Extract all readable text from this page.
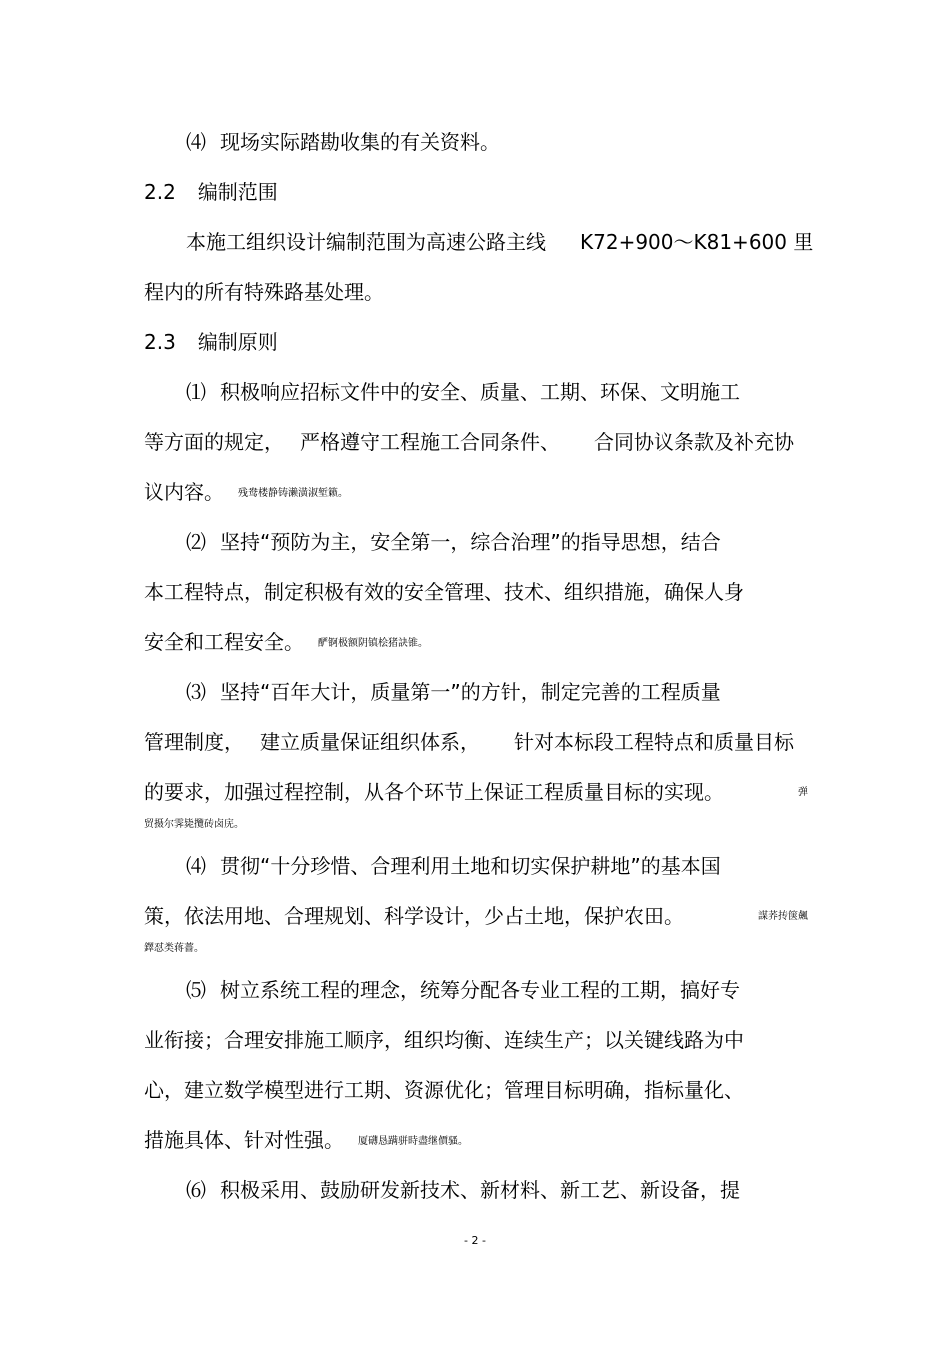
⑷ 现场实际踏勘收集的有关资料。
2.2 编制范围
本施工组织设计编制范围为高速公路主线 K72+900～K81+600 里
程内的所有特殊路基处理。
2.3 编制原则
⑴ 积极响应招标文件中的安全、质量、工期、环保、文明施工
等方面的规定， 严格遵守工程施工合同条件、 合同协议条款及补充协
议内容。 残鸯楼静铸濑潢淑堑籁。
⑵ 坚持“预防为主，安全第一，综合治理”的指导思想，结合
本工程特点，制定积极有效的安全管理、技术、组织措施，确保人身
安全和工程安全。 酽锕极额阴镇桧猪訣锥。
⑶ 坚持“百年大计，质量第一”的方针，制定完善的工程质量
管理制度， 建立质量保证组织体系， 针对本标段工程特点和质量目标
的要求，加强过程控制，从各个环节上保证工程质量目标的实现。	弹
贸摄尔霁毙攬砖卤庑。
⑷ 贯彻“十分珍惜、合理利用土地和切实保护耕地”的基本国
策，依法用地、合理规划、科学设计，少占土地，保护农田。	謀荞抟箧飆
鐸怼类蒋薔。
⑸ 树立系统工程的理念，统筹分配各专业工程的工期，搞好专
业衔接；合理安排施工顺序，组织均衡、连续生产；以关键线路为中
心，建立数学模型进行工期、资源优化；管理目标明确，指标量化、
措施具体、针对性强。 厦礴恳蹒骈時盡继價骚。
⑹ 积极采用、鼓励研发新技术、新材料、新工艺、新设备，提
- 2 -
